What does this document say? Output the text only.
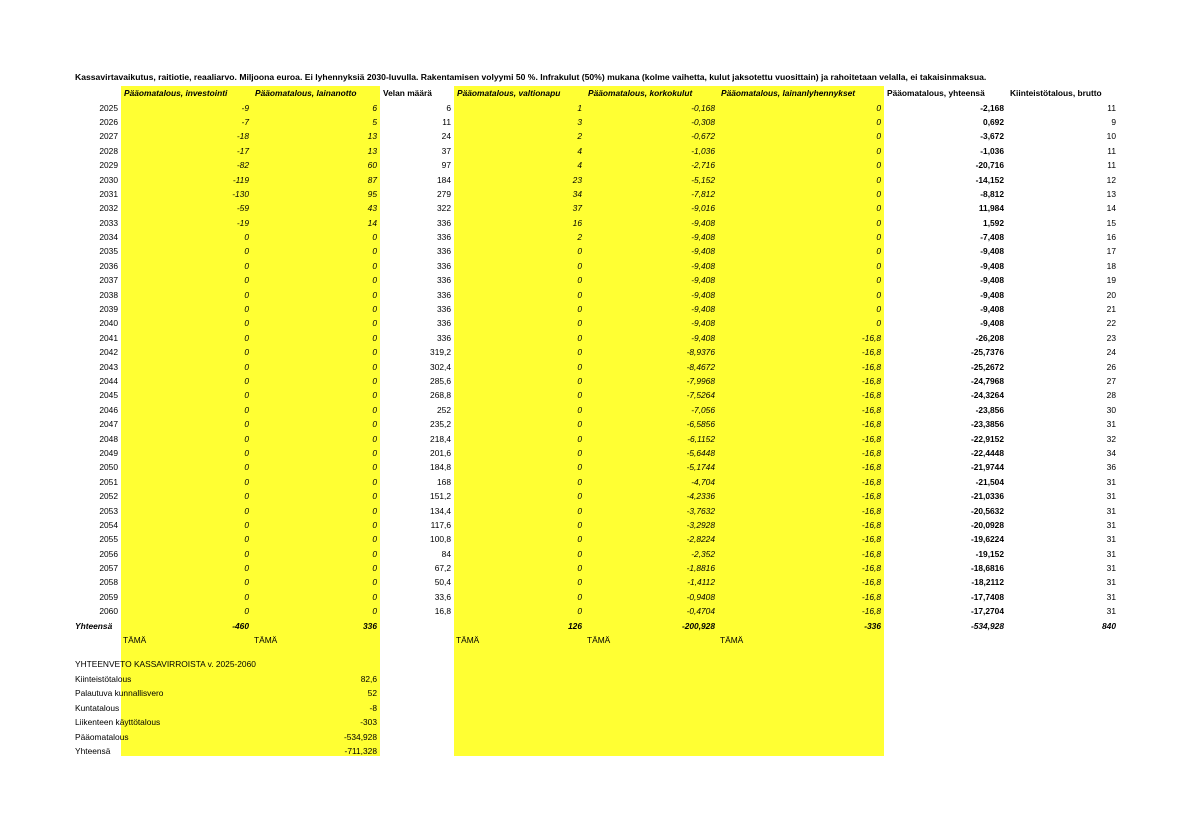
Kassavirtavaikutus, raitiotie, reaaliarvo. Miljoona euroa. Ei lyhennyksiä 2030-luvulla. Rakentamisen volyymi 50 %. Infrakulut (50%) mukana (kolme vaihetta, kulut jaksotettu vuosittain) ja rahoitetaan velalla, ei takaisinmaksua.
	Pääomatalous, investointi	Pääomatalous, lainanotto	Velan määrä	Pääomatalous, valtionapu	Pääomatalous, korkokulut	Pääomatalous, lainanlyhennykset	Pääomatalous, yhteensä	Kiinteistötalous, brutto
2025	-9	6	6	1	-0,168	0	-2,168	11
2026	-7	5	11	3	-0,308	0	0,692	9
2027	-18	13	24	2	-0,672	0	-3,672	10
2028	-17	13	37	4	-1,036	0	-1,036	11
2029	-82	60	97	4	-2,716	0	-20,716	11
2030	-119	87	184	23	-5,152	0	-14,152	12
2031	-130	95	279	34	-7,812	0	-8,812	13
2032	-59	43	322	37	-9,016	0	11,984	14
2033	-19	14	336	16	-9,408	0	1,592	15
2034	0	0	336	2	-9,408	0	-7,408	16
2035	0	0	336	0	-9,408	0	-9,408	17
2036	0	0	336	0	-9,408	0	-9,408	18
2037	0	0	336	0	-9,408	0	-9,408	19
2038	0	0	336	0	-9,408	0	-9,408	20
2039	0	0	336	0	-9,408	0	-9,408	21
2040	0	0	336	0	-9,408	0	-9,408	22
2041	0	0	336	0	-9,408	-16,8	-26,208	23
2042	0	0	319,2	0	-8,9376	-16,8	-25,7376	24
2043	0	0	302,4	0	-8,4672	-16,8	-25,2672	26
2044	0	0	285,6	0	-7,9968	-16,8	-24,7968	27
2045	0	0	268,8	0	-7,5264	-16,8	-24,3264	28
2046	0	0	252	0	-7,056	-16,8	-23,856	30
2047	0	0	235,2	0	-6,5856	-16,8	-23,3856	31
2048	0	0	218,4	0	-6,1152	-16,8	-22,9152	32
2049	0	0	201,6	0	-5,6448	-16,8	-22,4448	34
2050	0	0	184,8	0	-5,1744	-16,8	-21,9744	36
2051	0	0	168	0	-4,704	-16,8	-21,504	31
2052	0	0	151,2	0	-4,2336	-16,8	-21,0336	31
2053	0	0	134,4	0	-3,7632	-16,8	-20,5632	31
2054	0	0	117,6	0	-3,2928	-16,8	-20,0928	31
2055	0	0	100,8	0	-2,8224	-16,8	-19,6224	31
2056	0	0	84	0	-2,352	-16,8	-19,152	31
2057	0	0	67,2	0	-1,8816	-16,8	-18,6816	31
2058	0	0	50,4	0	-1,4112	-16,8	-18,2112	31
2059	0	0	33,6	0	-0,9408	-16,8	-17,7408	31
2060	0	0	16,8	0	-0,4704	-16,8	-17,2704	31
Yhteensä	-460	336		126	-200,928	-336	-534,928	840
	TÄMÄ	TÄMÄ		TÄMÄ	TÄMÄ	TÄMÄ		
YHTEENVETO KASSAVIRROISTA v. 2025-2060	
Kiinteistötalous	82,6
Palautuva kunnallisvero	52
Kuntatalous	-8
Liikenteen käyttötalous	-303
Pääomatalous	-534,928
Yhteensä	-711,328
